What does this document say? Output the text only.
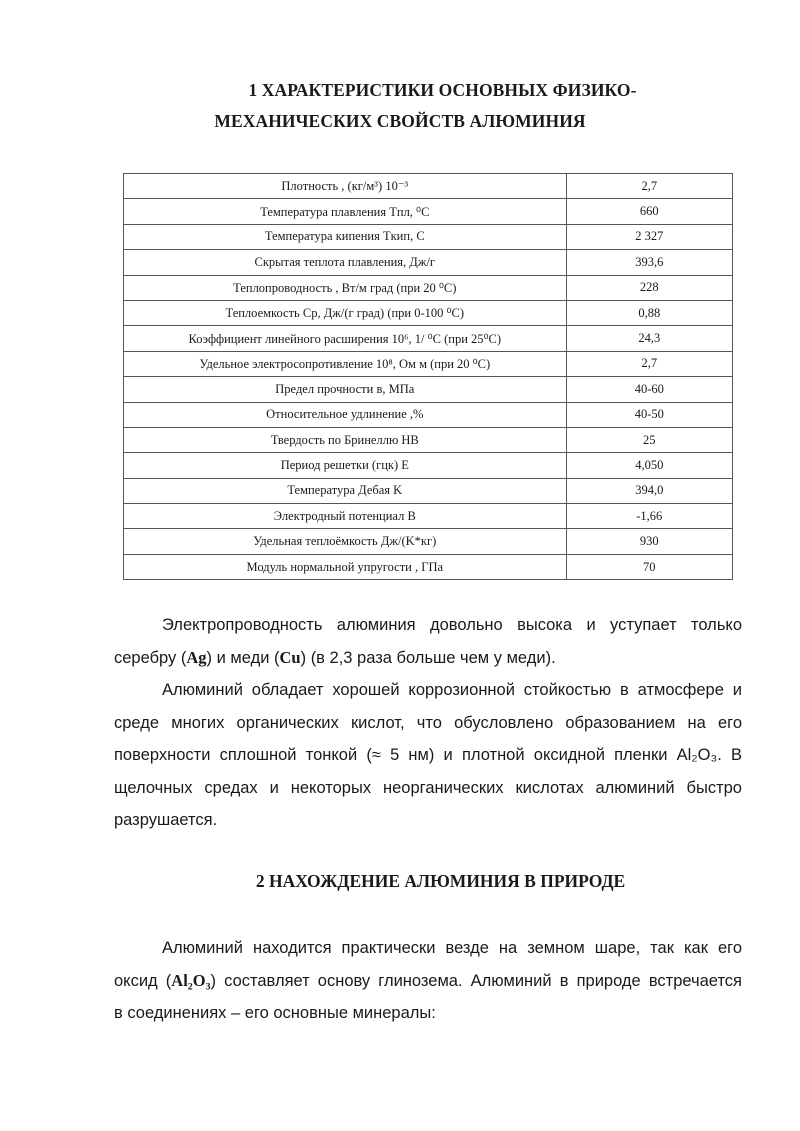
1 ХАРАКТЕРИСТИКИ ОСНОВНЫХ ФИЗИКО-
МЕХАНИЧЕСКИХ СВОЙСТВ АЛЮМИНИЯ
Плотность , (кг/м³) 10⁻³	2,7
Температура плавления Tпл, ⁰C	660
Температура кипения Tкип, C	2 327
Скрытая теплота плавления, Дж/г	393,6
Теплопроводность , Вт/м град (при 20 ⁰C)	228
Теплоемкость Cp, Дж/(г град) (при 0-100 ⁰C)	0,88
Коэффициент линейного расширения 10⁶, 1/ ⁰C (при 25⁰C)	24,3
Удельное электросопротивление 10⁸, Ом м (при 20 ⁰C)	2,7
Предел прочности в, МПа	40-60
Относительное удлинение ,%	40-50
Твердость по Бринеллю HB	25
Период решетки (гцк) E	4,050
Температура Дебая K	394,0
Электродный потенциал B	-1,66
Удельная теплоёмкость Дж/(K*кг)	930
Модуль нормальной упругости , ГПа	70
Электропроводность алюминия довольно высока и уступает только
серебру (Ag) и меди (Cu) (в 2,3 раза больше чем у меди).
Алюминий обладает хорошей коррозионной стойкостью в атмосфере и
среде многих органических кислот, что обусловлено образованием на его
поверхности сплошной тонкой (≈ 5 нм) и плотной оксидной пленки Al₂O₃. В
щелочных средах и некоторых неорганических кислотах алюминий быстро
разрушается.
2 НАХОЖДЕНИЕ АЛЮМИНИЯ В ПРИРОДЕ
Алюминий находится практически везде на земном шаре, так как его
оксид (Al₂O₃) составляет основу глинозема. Алюминий в природе встречается
в соединениях – его основные минералы:
